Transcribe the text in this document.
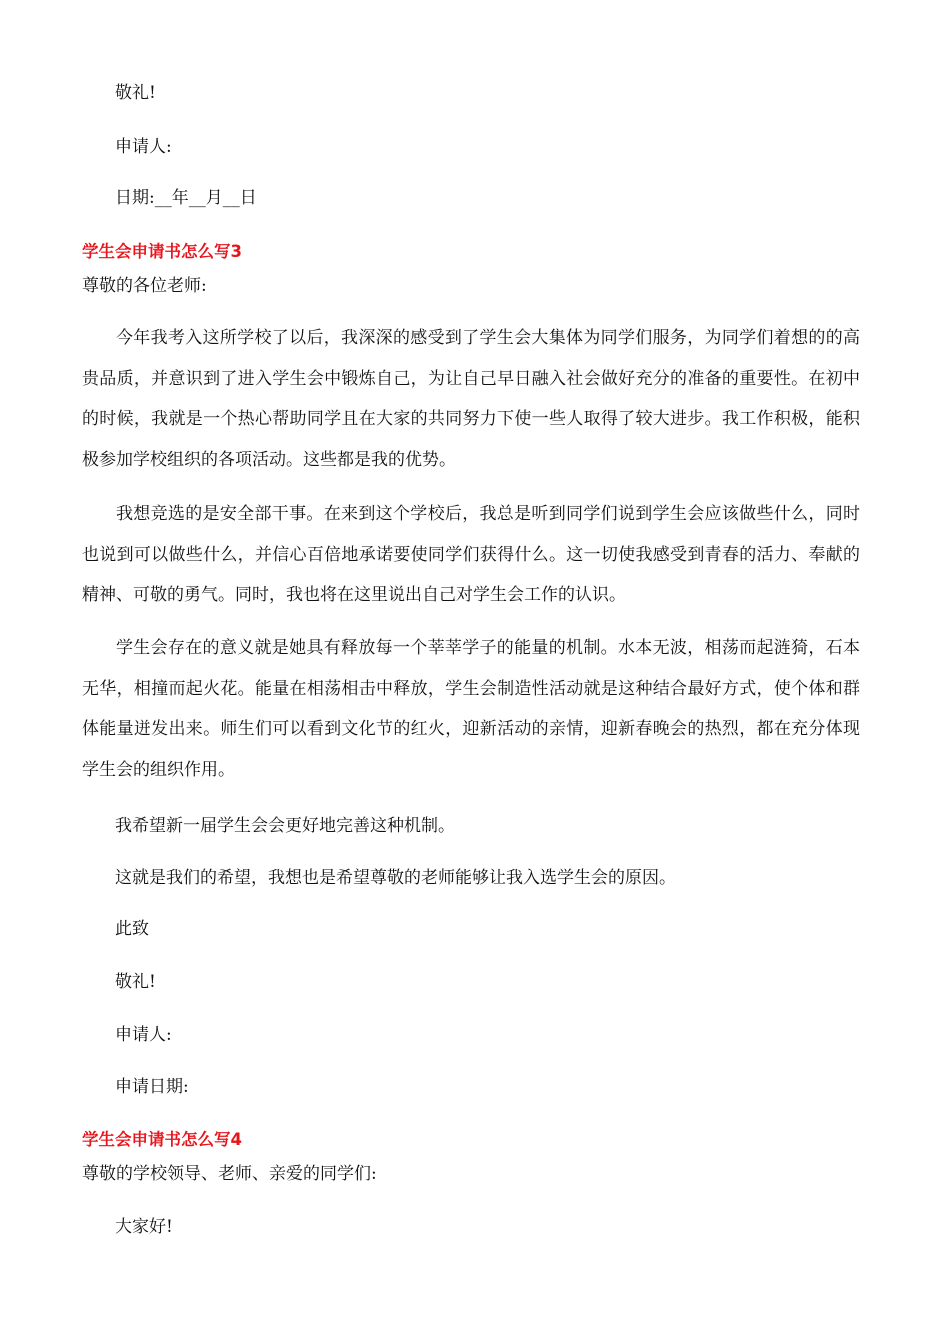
敬礼!
申请人:
日期:__年__月__日
学生会申请书怎么写3
尊敬的各位老师:
今年我考入这所学校了以后，我深深的感受到了学生会大集体为同学们服务，为同学们着想的的高贵品质，并意识到了进入学生会中锻炼自己，为让自己早日融入社会做好充分的准备的重要性。在初中的时候，我就是一个热心帮助同学且在大家的共同努力下使一些人取得了较大进步。我工作积极，能积极参加学校组织的各项活动。这些都是我的优势。
我想竞选的是安全部干事。在来到这个学校后，我总是听到同学们说到学生会应该做些什么，同时也说到可以做些什么，并信心百倍地承诺要使同学们获得什么。这一切使我感受到青春的活力、奉献的精神、可敬的勇气。同时，我也将在这里说出自己对学生会工作的认识。
学生会存在的意义就是她具有释放每一个莘莘学子的能量的机制。水本无波，相荡而起涟猗，石本无华，相撞而起火花。能量在相荡相击中释放，学生会制造性活动就是这种结合最好方式，使个体和群体能量迸发出来。师生们可以看到文化节的红火，迎新活动的亲情，迎新春晚会的热烈，都在充分体现学生会的组织作用。
我希望新一届学生会会更好地完善这种机制。
这就是我们的希望，我想也是希望尊敬的老师能够让我入选学生会的原因。
此致
敬礼!
申请人:
申请日期:
学生会申请书怎么写4
尊敬的学校领导、老师、亲爱的同学们:
大家好!
